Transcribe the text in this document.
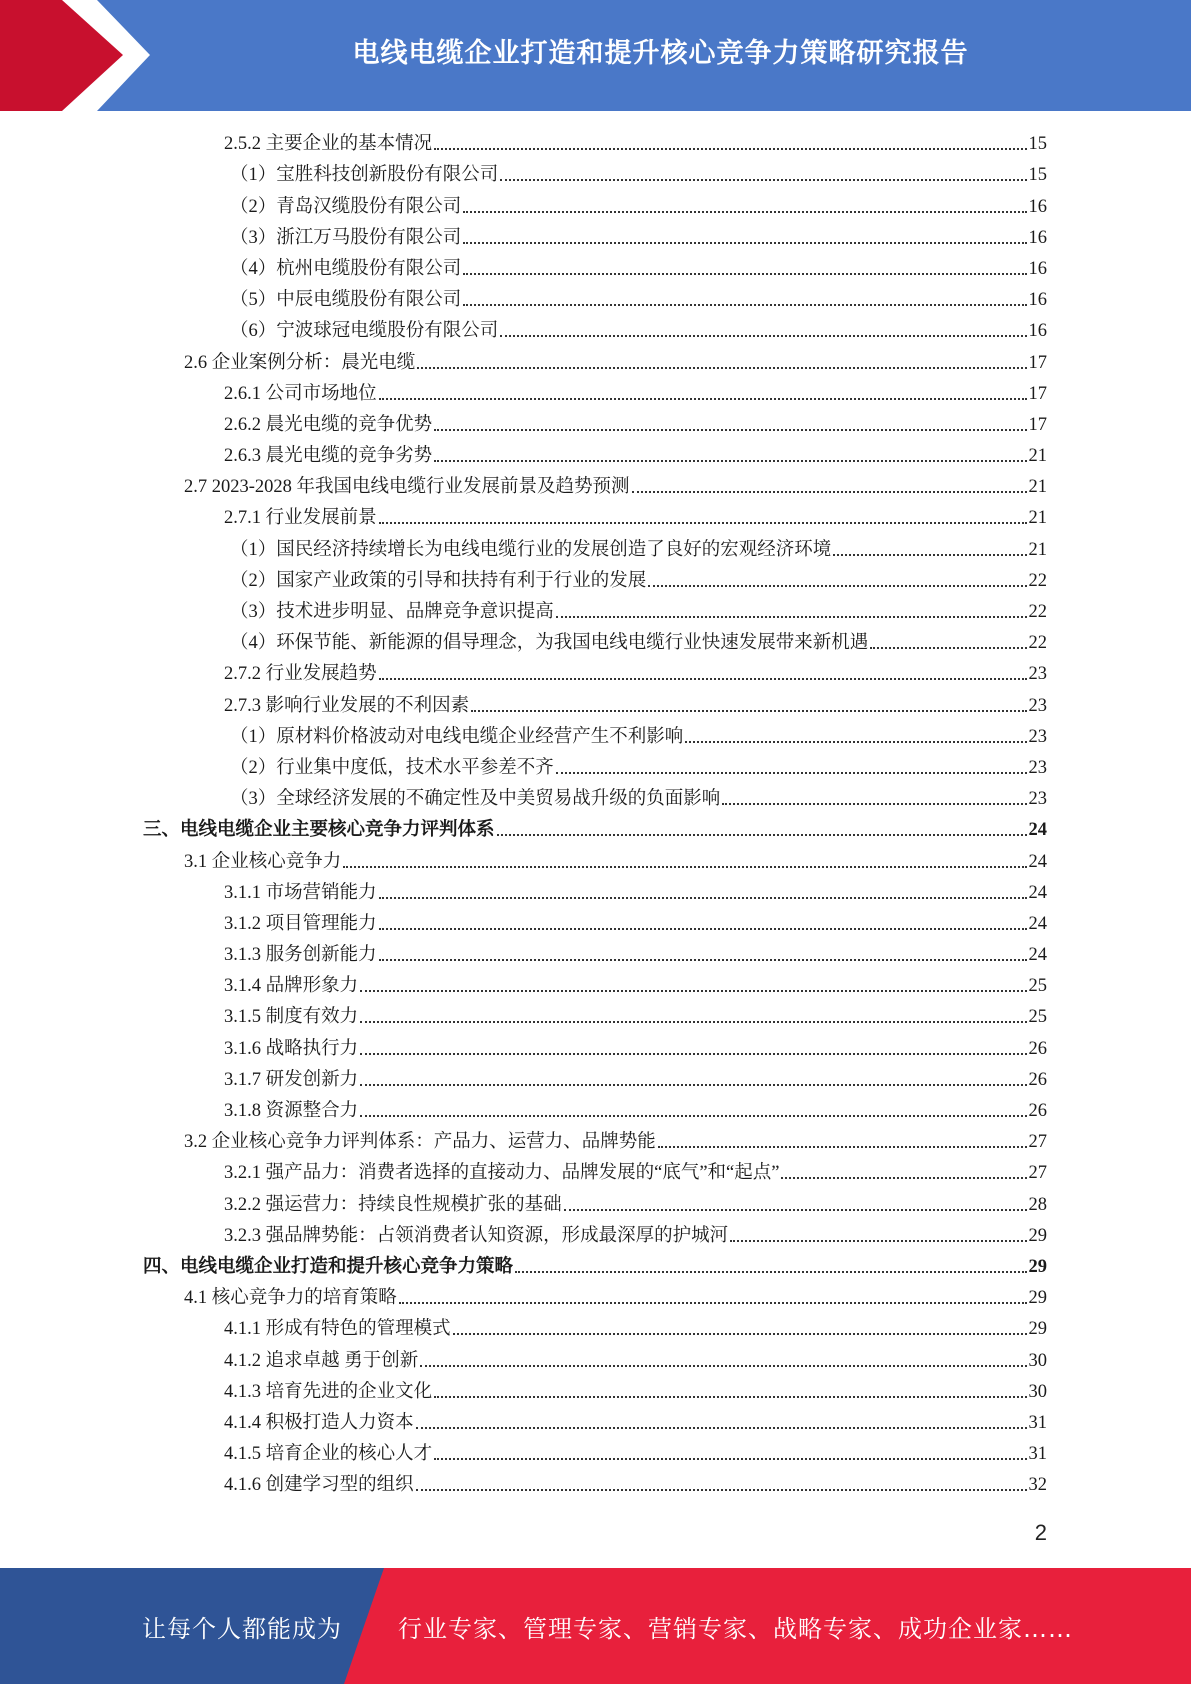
电线电缆企业打造和提升核心竞争力策略研究报告
2.5.2 主要企业的基本情况	15
（1）宝胜科技创新股份有限公司	15
（2）青岛汉缆股份有限公司	16
（3）浙江万马股份有限公司	16
（4）杭州电缆股份有限公司	16
（5）中辰电缆股份有限公司	16
（6）宁波球冠电缆股份有限公司	16
2.6 企业案例分析：晨光电缆	17
2.6.1 公司市场地位	17
2.6.2 晨光电缆的竞争优势	17
2.6.3 晨光电缆的竞争劣势	21
2.7 2023-2028 年我国电线电缆行业发展前景及趋势预测	21
2.7.1 行业发展前景	21
（1）国民经济持续增长为电线电缆行业的发展创造了良好的宏观经济环境	21
（2）国家产业政策的引导和扶持有利于行业的发展	22
（3）技术进步明显、品牌竞争意识提高	22
（4）环保节能、新能源的倡导理念，为我国电线电缆行业快速发展带来新机遇	22
2.7.2 行业发展趋势	23
2.7.3 影响行业发展的不利因素	23
（1）原材料价格波动对电线电缆企业经营产生不利影响	23
（2）行业集中度低，技术水平参差不齐	23
（3）全球经济发展的不确定性及中美贸易战升级的负面影响	23
三、电线电缆企业主要核心竞争力评判体系	24
3.1 企业核心竞争力	24
3.1.1 市场营销能力	24
3.1.2 项目管理能力	24
3.1.3 服务创新能力	24
3.1.4 品牌形象力	25
3.1.5 制度有效力	25
3.1.6 战略执行力	26
3.1.7 研发创新力	26
3.1.8 资源整合力	26
3.2 企业核心竞争力评判体系：产品力、运营力、品牌势能	27
3.2.1 强产品力：消费者选择的直接动力、品牌发展的“底气”和“起点”	27
3.2.2 强运营力：持续良性规模扩张的基础	28
3.2.3 强品牌势能：占领消费者认知资源，形成最深厚的护城河	29
四、电线电缆企业打造和提升核心竞争力策略	29
4.1 核心竞争力的培育策略	29
4.1.1 形成有特色的管理模式	29
4.1.2 追求卓越 勇于创新	30
4.1.3 培育先进的企业文化	30
4.1.4 积极打造人力资本	31
4.1.5 培育企业的核心人才	31
4.1.6 创建学习型的组织	32
2
让每个人都能成为 行业专家、管理专家、营销专家、战略专家、成功企业家……
